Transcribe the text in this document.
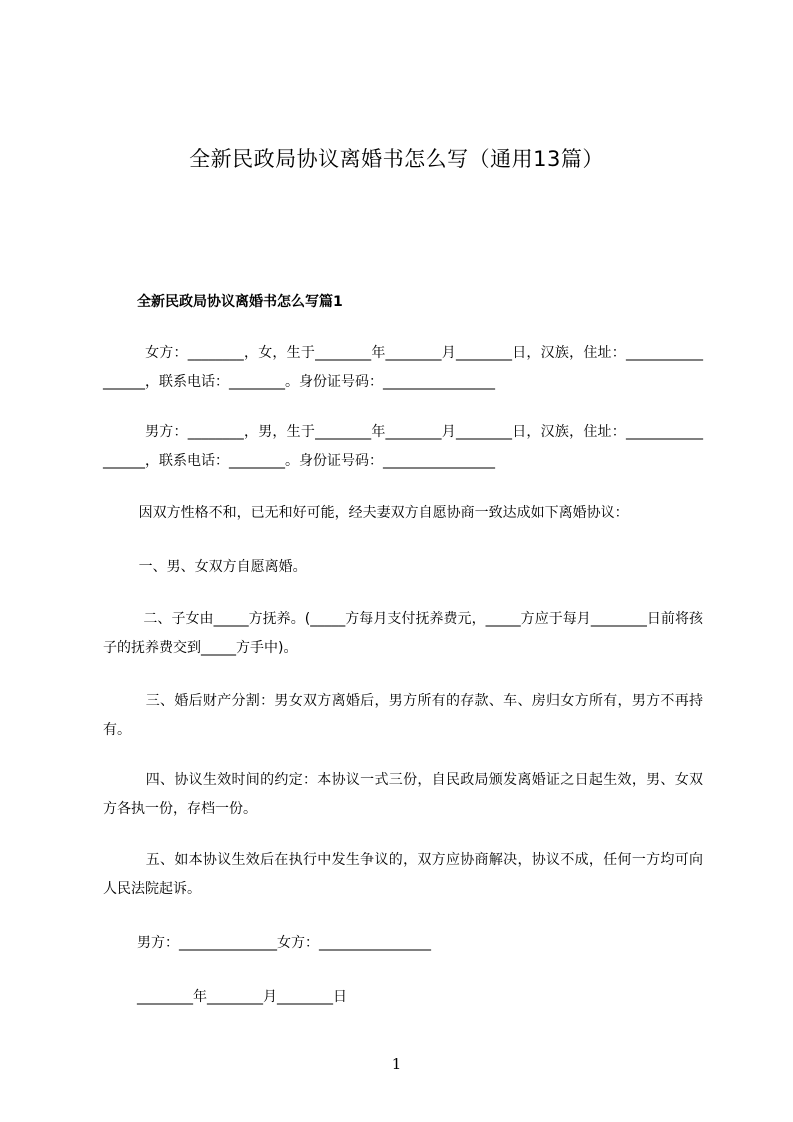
全新民政局协议离婚书怎么写（通用13篇）
全新民政局协议离婚书怎么写篇1
女方：________，女，生于________年________月________日，汉族，住址：_________________，联系电话：________。身份证号码：________________
男方：________，男，生于________年________月________日，汉族，住址：_________________，联系电话：________。身份证号码：________________
因双方性格不和，已无和好可能，经夫妻双方自愿协商一致达成如下离婚协议：
一、男、女双方自愿离婚。
二、子女由_____方抚养。(_____方每月支付抚养费元，_____方应于每月________日前将孩子的抚养费交到_____方手中)。
三、婚后财产分割：男女双方离婚后，男方所有的存款、车、房归女方所有，男方不再持有。
四、协议生效时间的约定：本协议一式三份，自民政局颁发离婚证之日起生效，男、女双方各执一份，存档一份。
五、如本协议生效后在执行中发生争议的，双方应协商解决，协议不成，任何一方均可向人民法院起诉。
男方：______________女方：________________
________年________月________日
1
